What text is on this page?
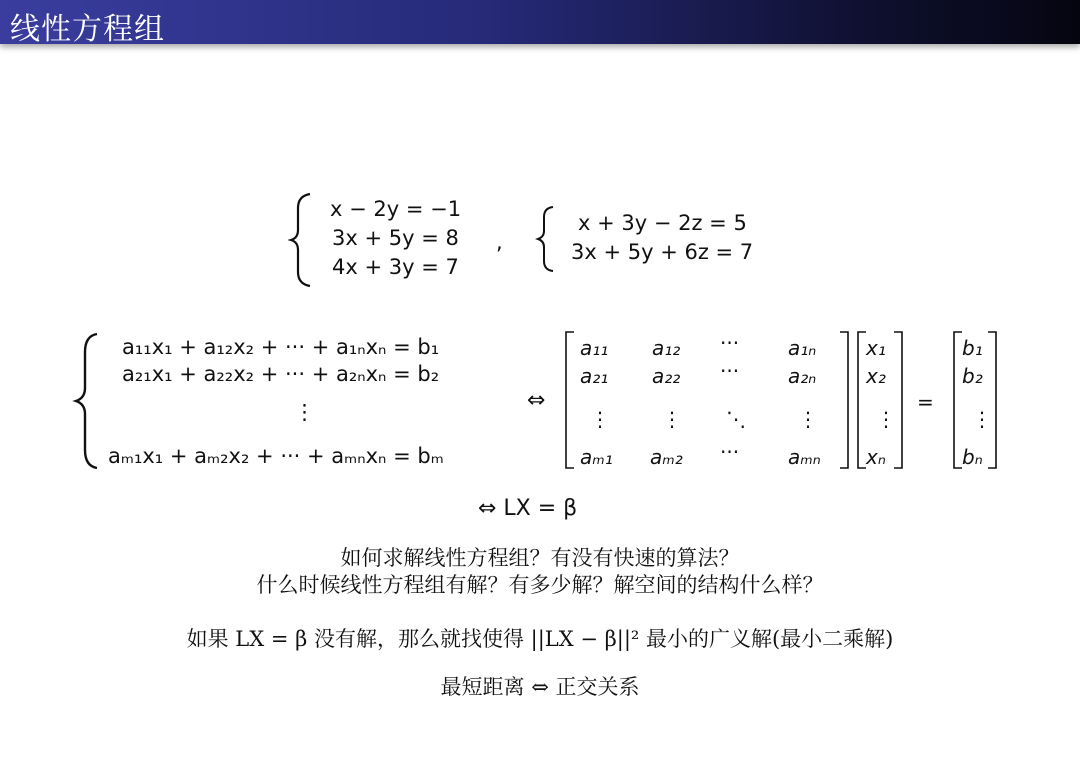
线性方程组
x − 2y = −1
3x + 5y = 8
4x + 3y = 7
,
x + 3y − 2z = 5
3x + 5y + 6z = 7
a₁₁x₁ + a₁₂x₂ + ··· + a₁ₙxₙ = b₁
a₂₁x₁ + a₂₂x₂ + ··· + a₂ₙxₙ = b₂
⋮
aₘ₁x₁ + aₘ₂x₂ + ··· + aₘₙxₙ = bₘ
⇔
a₁₁ a₁₂ ··· a₁ₙ
a₂₁ a₂₂ ··· a₂ₙ
⋮	⋮ ⋱	⋮
aₘ₁ aₘ₂ ··· aₘₙ
x₁
x₂
⋮
xₙ
=
b₁
b₂
⋮
bₙ
⇔ LX = β
如何求解线性方程组？有没有快速的算法？
什么时候线性方程组有解？有多少解？解空间的结构什么样？
如果 LX = β 没有解，那么就找使得 ||LX − β||² 最小的广义解(最小二乘解)
最短距离 ⇔ 正交关系
